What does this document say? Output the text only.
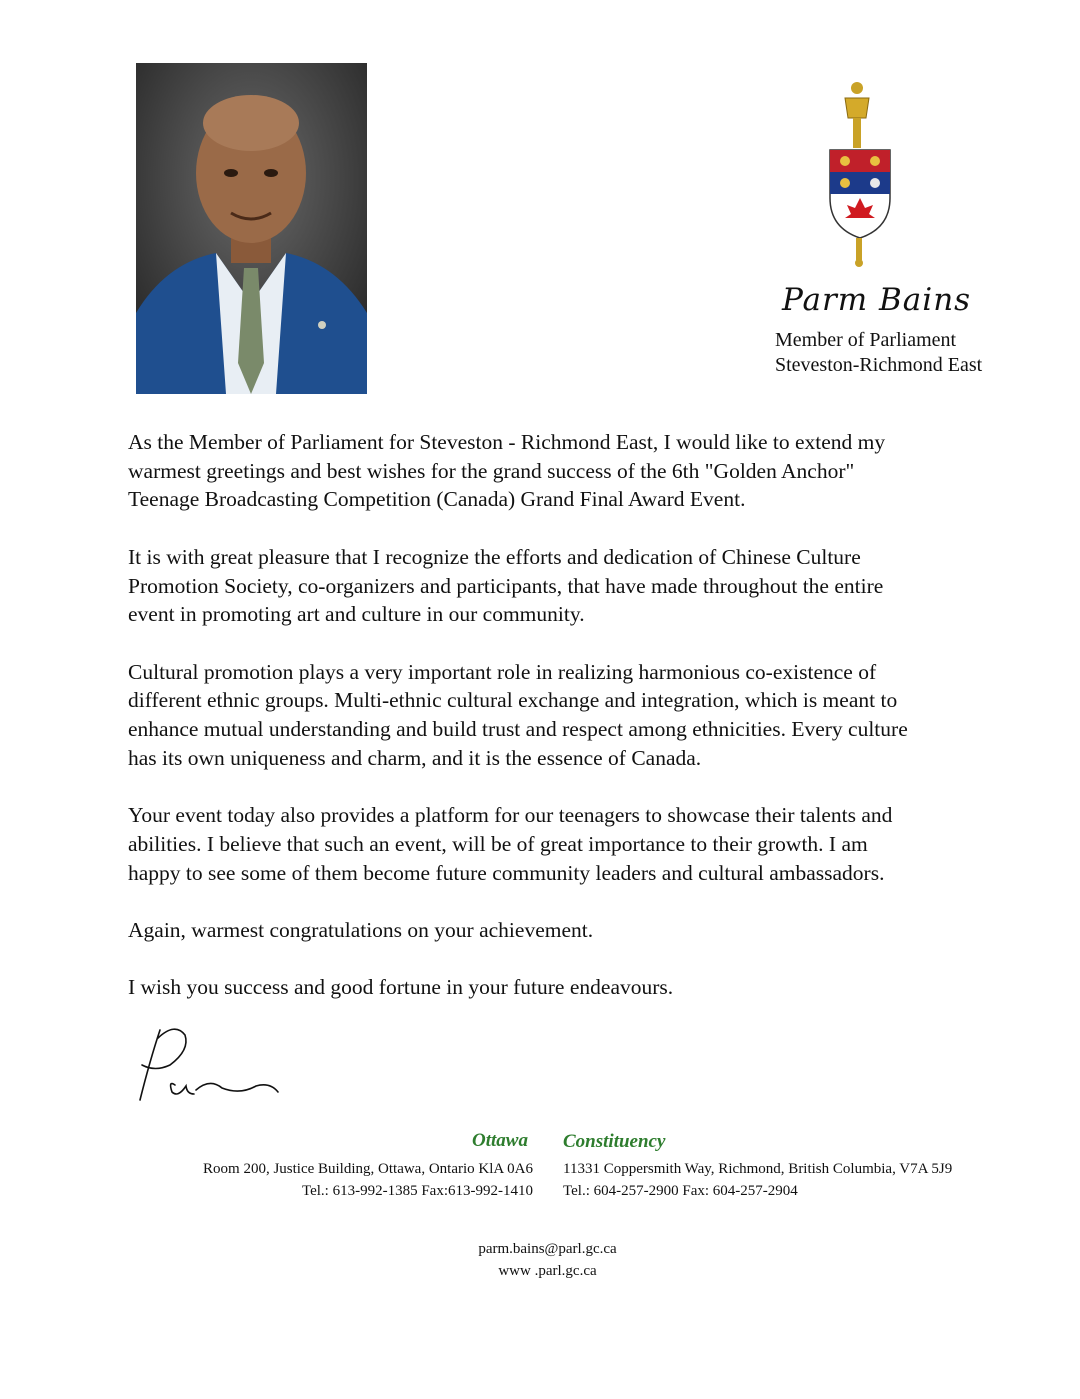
Parm Bains
Member of Parliament
Steveston-Richmond East

As the Member of Parliament for Steveston - Richmond East, I would like to extend my
warmest greetings and best wishes for the grand success of the 6th "Golden Anchor"
Teenage Broadcasting Competition (Canada) Grand Final Award Event.

It is with great pleasure that I recognize the efforts and dedication of Chinese Culture
Promotion Society, co-organizers and participants, that have made throughout the entire
event in promoting art and culture in our community.

Cultural promotion plays a very important role in realizing harmonious co-existence of
different ethnic groups. Multi-ethnic cultural exchange and integration, which is meant to
enhance mutual understanding and build trust and respect among ethnicities. Every culture
has its own uniqueness and charm, and it is the essence of Canada.

Your event today also provides a platform for our teenagers to showcase their talents and
abilities. I believe that such an event, will be of great importance to their growth. I am
happy to see some of them become future community leaders and cultural ambassadors.

Again, warmest congratulations on your achievement.

I wish you success and good fortune in your future endeavours.

Ottawa Constituency
Room 200, Justice Building, Ottawa, Ontario KlA 0A6
Tel.: 613-992-1385 Fax:613-992-1410
11331 Coppersmith Way, Richmond, British Columbia, V7A 5J9
Tel.: 604-257-2900 Fax: 604-257-2904
parm.bains@parl.gc.ca
www .parl.gc.ca
